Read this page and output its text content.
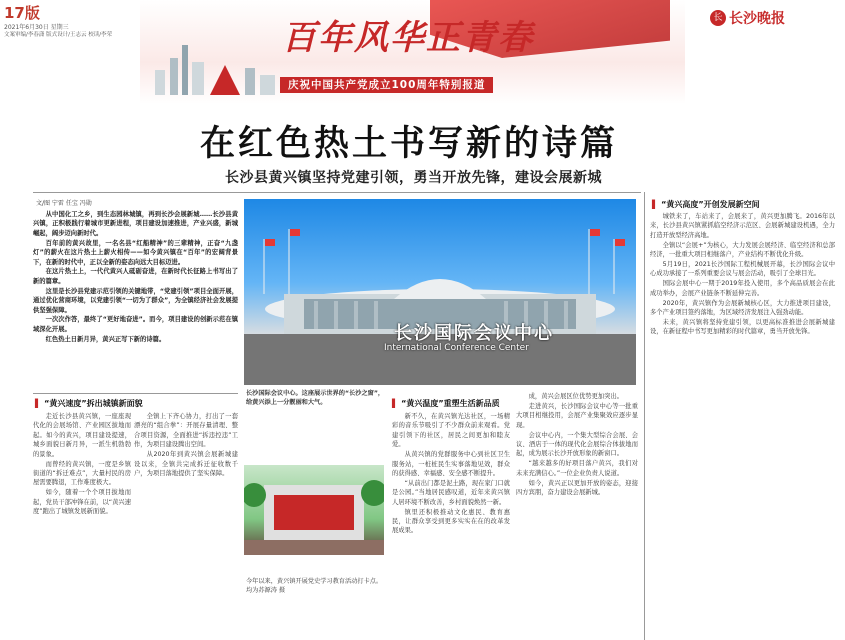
17版
2021年6月30日 星期三
文案审编/李春潇 版式设计/王志云 校读/李荣	百年风华正青春
庆祝中国共产党成立100周年特别报道
长 长沙晚报
在红色热土书写新的诗篇
长沙县黄兴镇坚持党建引领，勇当开放先锋，建设会展新城
文/图 宁雷 任宝 冯勋

从中国化工之乡，到生态园林城镇，再到长沙会展新城……长沙县黄兴镇，正积极践行着城市更新进程，项目建设加速推进，产业兴盛，新城崛起，阔步迈向新时代。

百年前的黄兴故里，一名名县“红船精神”的三辈精神，正奋“九盏灯”的薪火在这片热土上薪火相传——如今黄兴镇在“百年”的宏阔背景下，在新的时代中，正以全新的姿态向远大目标迈进。

在这片热土上，一代代黄兴人砥砺奋进，在新时代长征路上书写出了新的篇章。

这里是长沙县党建示范引领的关键地带，“党建引领”项目全面开展，通过优化营商环境，以党建引领“一切为了群众”，为全镇经济社会发展提供坚强保障。

一次次作答，最终了“更好地奋进”。而今，项目建设的创新示范在镇域深化开展。

红色热土日新月异，黄兴正写下新的诗篇。	长沙国际会议中心
International Conference Center
长沙国际会议中心。这座展示世界的“长沙之窗”，给黄兴添上一分靓丽和大气。
▌ “黄兴速度”拆出城镇新面貌

走近长沙县黄兴镇，一座座现代化的会展场馆、产业园区拔地而起。如今的黄兴，项目建设提速，城乡面貌日新月异，一派生机勃勃的景象。

而曾经的黄兴镇，一度是乡镇街道的“拆迁难点”，大量村民的房屋需要腾退，工作难度极大。

如今，随着一个个项目拔地而起，党员干部冲锋在前，以“黄兴速度”跑出了城镇发展新面貌。

全镇上下齐心协力，打出了一套漂亮的“组合拳”：开展存量清理、整合项目资源，全面推进“拆违控违”工作，为项目建设腾出空间。

从2020年到黄兴镇会展新城建设以来，全镇共完成拆迁征收数千户，为项目落地提供了坚实保障。

今年以来，黄兴镇开展党史学习教育活动打卡点。均为苏源涛 摄
▌ “黄兴温度”重塑生活新品质

新不久，在黄兴镇光达社区，一场精彩的音乐节吸引了不少群众前来观看。党建引领下的社区，居民之间更加和睦友爱。

从黄兴镇的党群服务中心到社区卫生服务站，一桩桩民生实事落地见效，群众的获得感、幸福感、安全感不断提升。

“从前出门都是泥土路，现在家门口就是公园。”当地居民感叹道，近年来黄兴镇人居环境不断改善，乡村面貌焕然一新。

镇里还积极推动文化惠民、教育惠民，让群众享受到更多实实在在的改革发展成果。

成，黄兴会展区位优势更加突出。

走进黄兴，长沙国际会议中心等一批重大项目相继投用，会展产业集聚效应逐步显现。

会议中心内，一个集大型综合会展、会议、酒店于一体的现代化会展综合体拔地而起，成为展示长沙开放形象的新窗口。

“越来越多的好项目落户黄兴，我们对未来充满信心。”一位企业负责人说道。

如今，黄兴正以更加开放的姿态，迎接四方宾朋，奋力建设会展新城。

▌ “黄兴高度”开创发展新空间

城铁来了，车站来了，会展来了，黄兴更加腾飞。2016年以来，长沙县黄兴镇紧抓临空经济示范区、会展新城建设机遇，全力打造开放型经济高地。

全镇以“会展+”为核心，大力发展会展经济、临空经济和总部经济，一批重大项目相继落户，产业结构不断优化升级。

5月19日，2021长沙国际工程机械展开幕，长沙国际会议中心成功承接了一系列重要会议与展会活动，吸引了全球目光。

国际会展中心一期于2019年投入使用，多个高品质展会在此成功举办，会展产业链条不断延伸完善。

2020年，黄兴镇作为会展新城核心区，大力推进项目建设，多个产业项目签约落地，为区域经济发展注入强劲动能。

未来，黄兴镇将坚持党建引领，以更高标准推进会展新城建设，在新征程中书写更加精彩的时代篇章，勇当开放先锋。
